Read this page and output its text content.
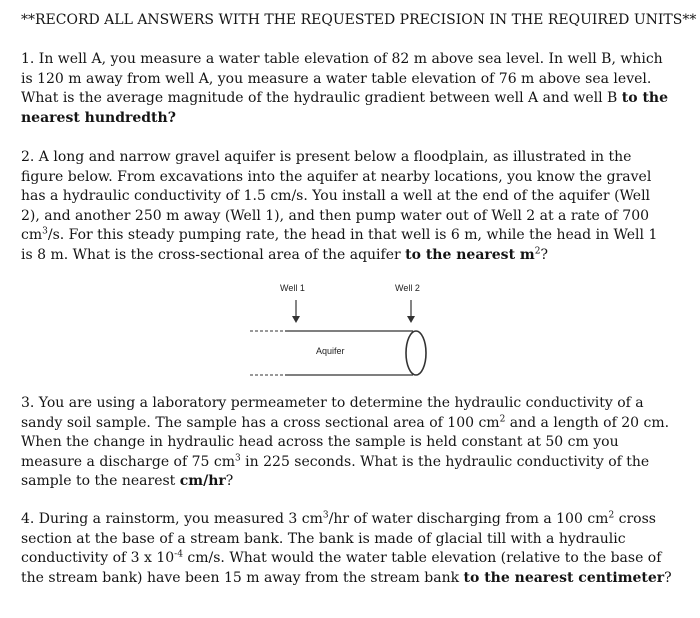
**RECORD ALL ANSWERS WITH THE REQUESTED PRECISION IN THE REQUIRED UNITS**
1. In well A, you measure a water table elevation of 82 m above sea level. In well B, which
is 120 m away from well A, you measure a water table elevation of 76 m above sea level.
What is the average magnitude of the hydraulic gradient between well A and well B to the
nearest hundredth?
2. A long and narrow gravel aquifer is present below a floodplain, as illustrated in the
figure below. From excavations into the aquifer at nearby locations, you know the gravel
has a hydraulic conductivity of 1.5 cm/s. You install a well at the end of the aquifer (Well
2), and another 250 m away (Well 1), and then pump water out of Well 2 at a rate of 700
$cm^3/s$. For this steady pumping rate, the head in that well is 6 m, while the head in Well 1
is 8 m. What is the cross-sectional area of the aquifer to the nearest $m^2$?
Well 1	Well 2
Aquifer
3. You are using a laboratory permeameter to determine the hydraulic conductivity of a
sandy soil sample. The sample has a cross sectional area of 100 $cm^2$ and a length of 20 cm.
When the change in hydraulic head across the sample is held constant at 50 cm you
measure a discharge of 75 $cm^3$ in 225 seconds. What is the hydraulic conductivity of the
sample to the nearest cm/hr?
4. During a rainstorm, you measured 3 $cm^3/hr$ of water discharging from a 100 $cm^2$ cross
section at the base of a stream bank. The bank is made of glacial till with a hydraulic
conductivity of 3 x $10^{-4}$ cm/s. What would the water table elevation (relative to the base of
the stream bank) have been 15 m away from the stream bank to the nearest centimeter?
